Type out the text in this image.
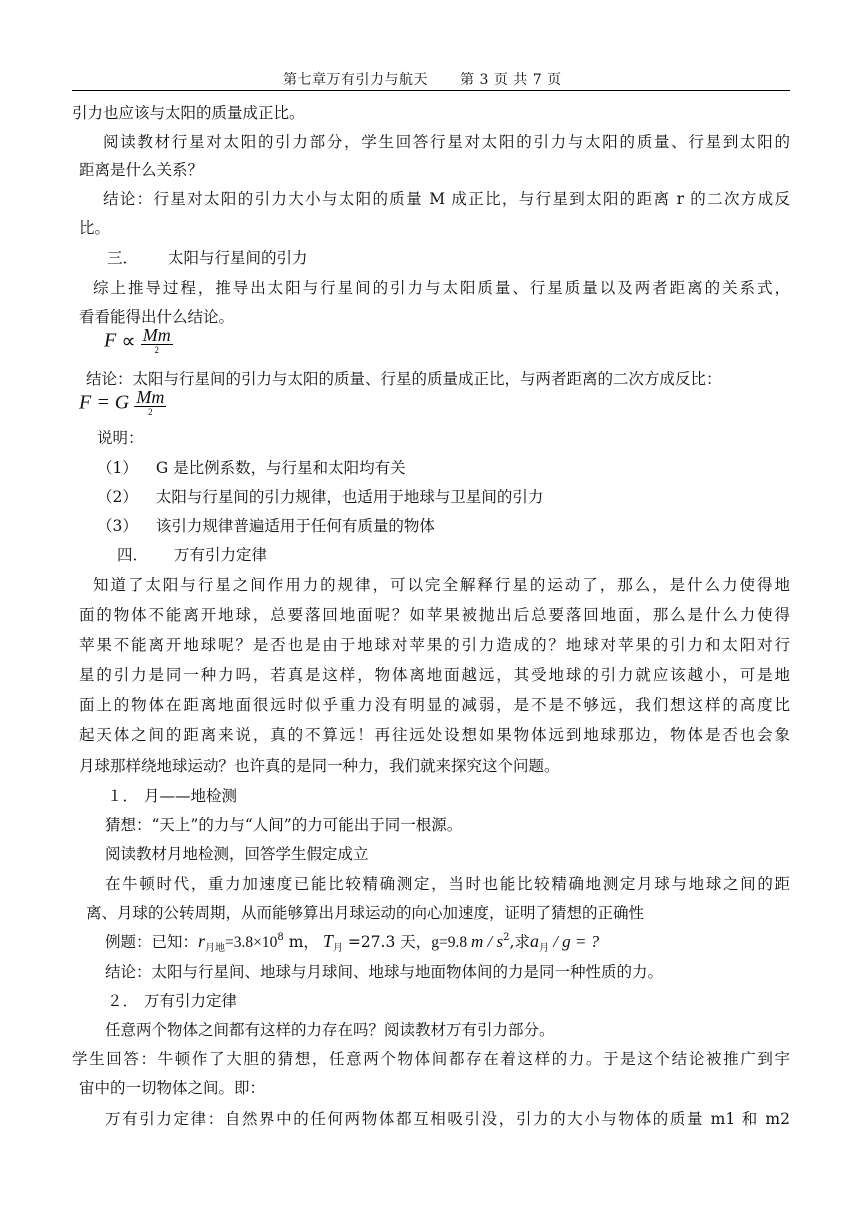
第七章万有引力与航天 第 3 页 共 7 页
引力也应该与太阳的质量成正比。
阅读教材行星对太阳的引力部分，学生回答行星对太阳的引力与太阳的质量、行星到太阳的
距离是什么关系？
结论：行星对太阳的引力大小与太阳的质量 M 成正比，与行星到太阳的距离 r 的二次方成反
比。
三． 太阳与行星间的引力
综上推导过程，推导出太阳与行星间的引力与太阳质量、行星质量以及两者距离的关系式，
看看能得出什么结论。
$F \propto \frac{Mm}{2}$
结论：太阳与行星间的引力与太阳的质量、行星的质量成正比，与两者距离的二次方成反比：
F = G $\frac{Mm}{2}$
说明：
（1） G 是比例系数，与行星和太阳均有关
（2） 太阳与行星间的引力规律，也适用于地球与卫星间的引力
（3） 该引力规律普遍适用于任何有质量的物体
四． 万有引力定律
知道了太阳与行星之间作用力的规律，可以完全解释行星的运动了，那么，是什么力使得地
面的物体不能离开地球，总要落回地面呢？如苹果被抛出后总要落回地面，那么是什么力使得
苹果不能离开地球呢？是否也是由于地球对苹果的引力造成的？地球对苹果的引力和太阳对行
星的引力是同一种力吗，若真是这样，物体离地面越远，其受地球的引力就应该越小，可是地
面上的物体在距离地面很远时似乎重力没有明显的减弱，是不是不够远，我们想这样的高度比
起天体之间的距离来说，真的不算远！再往远处设想如果物体远到地球那边，物体是否也会象
月球那样绕地球运动？也许真的是同一种力，我们就来探究这个问题。
１． 月——地检测
猜想：“天上”的力与“人间”的力可能出于同一根源。
阅读教材月地检测，回答学生假定成立
在牛顿时代，重力加速度已能比较精确测定，当时也能比较精确地测定月球与地球之间的距
离、月球的公转周期，从而能够算出月球运动的向心加速度，证明了猜想的正确性
例题：已知：$r_{月地}=3.8\times 10^8$ m， $T_月 =27.3$ 天，g=9.8 m / $s^2$,求$a_月$ / g = ?
结论：太阳与行星间、地球与月球间、地球与地面物体间的力是同一种性质的力。
２． 万有引力定律
任意两个物体之间都有这样的力存在吗？阅读教材万有引力部分。
学生回答：牛顿作了大胆的猜想，任意两个物体间都存在着这样的力。于是这个结论被推广到宇
宙中的一切物体之间。即：
万有引力定律：自然界中的任何两物体都互相吸引没，引力的大小与物体的质量 m1 和 m2
